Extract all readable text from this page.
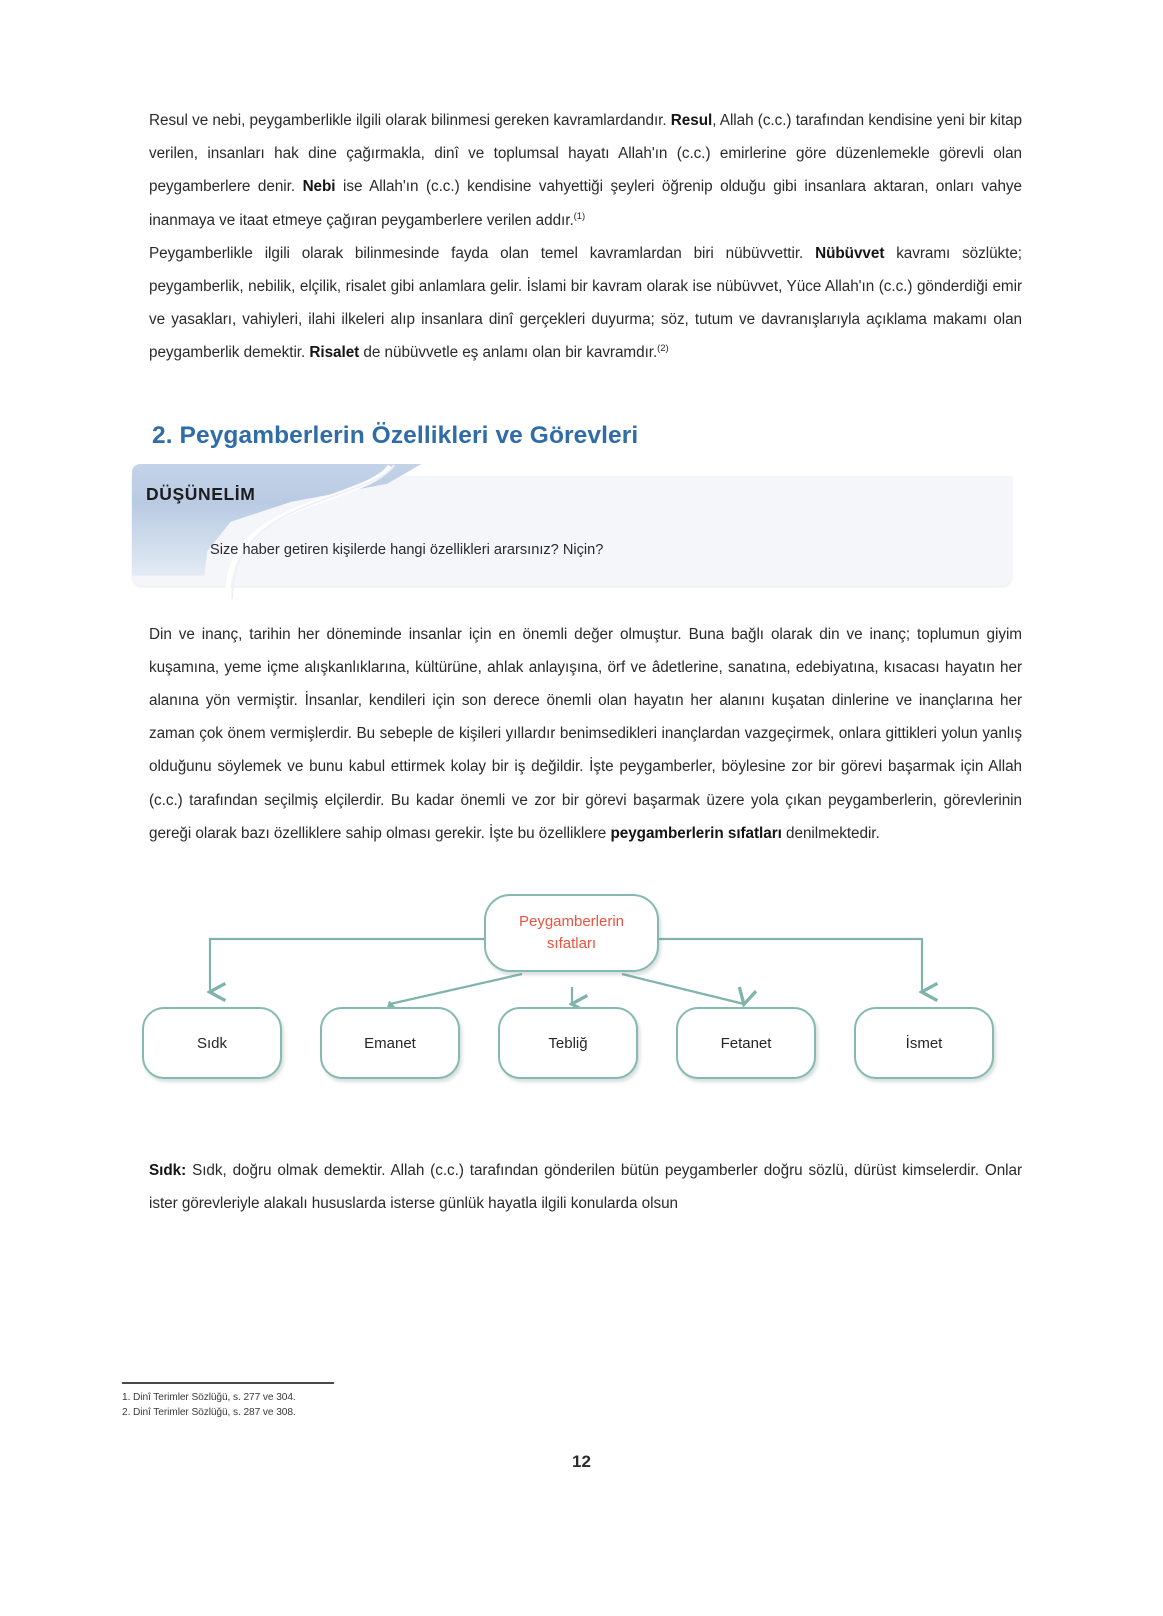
Resul ve nebi, peygamberlikle ilgili olarak bilinmesi gereken kavramlardandır. Resul, Allah (c.c.) tarafından kendisine yeni bir kitap verilen, insanları hak dine çağırmakla, dinî ve toplumsal hayatı Allah'ın (c.c.) emirlerine göre düzenlemekle görevli olan peygamberlere denir. Nebi ise Allah'ın (c.c.) kendisine vahyettiği şeyleri öğrenip olduğu gibi insanlara aktaran, onları vahye inanmaya ve itaat etmeye çağıran peygamberlere verilen addır.$^{(1)}$

Peygamberlikle ilgili olarak bilinmesinde fayda olan temel kavramlardan biri nübüvvettir. Nübüvvet kavramı sözlükte; peygamberlik, nebilik, elçilik, risalet gibi anlamlara gelir. İslami bir kavram olarak ise nübüvvet, Yüce Allah'ın (c.c.) gönderdiği emir ve yasakları, vahiyleri, ilahi ilkeleri alıp insanlara dinî gerçekleri duyurma; söz, tutum ve davranışlarıyla açıklama makamı olan peygamberlik demektir. Risalet de nübüvvetle eş anlamı olan bir kavramdır.$^{(2)}$

2. Peygamberlerin Özellikleri ve Görevleri
DÜŞÜNELİM
Size haber getiren kişilerde hangi özellikleri ararsınız? Niçin?

Din ve inanç, tarihin her döneminde insanlar için en önemli değer olmuştur. Buna bağlı olarak din ve inanç; toplumun giyim kuşamına, yeme içme alışkanlıklarına, kültürüne, ahlak anlayışına, örf ve âdetlerine, sanatına, edebiyatına, kısacası hayatın her alanına yön vermiştir. İnsanlar, kendileri için son derece önemli olan hayatın her alanını kuşatan dinlerine ve inançlarına her zaman çok önem vermişlerdir. Bu sebeple de kişileri yıllardır benimsedikleri inançlardan vazgeçirmek, onlara gittikleri yolun yanlış olduğunu söylemek ve bunu kabul ettirmek kolay bir iş değildir. İşte peygamberler, böylesine zor bir görevi başarmak için Allah (c.c.) tarafından seçilmiş elçilerdir. Bu kadar önemli ve zor bir görevi başarmak üzere yola çıkan peygamberlerin, görevlerinin gereği olarak bazı özelliklere sahip olması gerekir. İşte bu özelliklere peygamberlerin sıfatları denilmektedir.

Peygamberlerin
sıfatları
Sıdk	Emanet	Tebliğ	Fetanet	İsmet

Sıdk: Sıdk, doğru olmak demektir. Allah (c.c.) tarafından gönderilen bütün peygamberler doğru sözlü, dürüst kimselerdir. Onlar ister görevleriyle alakalı hususlarda isterse günlük hayatla ilgili konularda olsun

1. Dinî Terimler Sözlüğü, s. 277 ve 304.
2. Dinî Terimler Sözlüğü, s. 287 ve 308.
12
